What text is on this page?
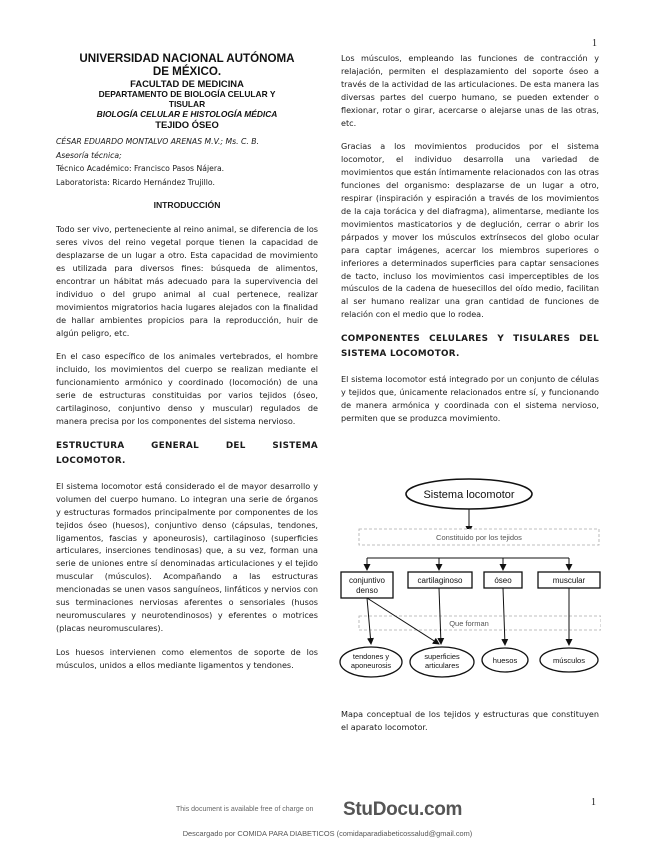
1
UNIVERSIDAD NACIONAL AUTÓNOMA
DE MÉXICO.
FACULTAD DE MEDICINA
DEPARTAMENTO DE BIOLOGÍA CELULAR Y
TISULAR
BIOLOGÍA CELULAR E HISTOLOGÍA MÉDICA
TEJIDO ÓSEO
CÉSAR EDUARDO MONTALVO ARENAS M.V.; Ms. C. B.
Asesoría técnica;
Técnico Académico: Francisco Pasos Nájera.
Laboratorista: Ricardo Hernández Trujillo.
INTRODUCCIÓN

Todo ser vivo, perteneciente al reino animal, se diferencia de los seres vivos del reino vegetal porque tienen la capacidad de desplazarse de un lugar a otro. Esta capacidad de movimiento es utilizada para diversos fines: búsqueda de alimentos, encontrar un hábitat más adecuado para la supervivencia del individuo o del grupo animal al cual pertenece, realizar movimientos migratorios hacia lugares alejados con la finalidad de hallar ambientes propicios para la reproducción, huir de algún peligro, etc.

En el caso específico de los animales vertebrados, el hombre incluido, los movimientos del cuerpo se realizan mediante el funcionamiento armónico y coordinado (locomoción) de una serie de estructuras constituidas por varios tejidos (óseo, cartilaginoso, conjuntivo denso y muscular) regulados de manera precisa por los componentes del sistema nervioso.

ESTRUCTURA GENERAL DEL SISTEMA LOCOMOTOR.

El sistema locomotor está considerado el de mayor desarrollo y volumen del cuerpo humano. Lo integran una serie de órganos y estructuras formados principalmente por componentes de los tejidos óseo (huesos), conjuntivo denso (cápsulas, tendones, ligamentos, fascias y aponeurosis), cartilaginoso (superficies articulares, inserciones tendinosas) que, a su vez, forman una serie de uniones entre sí denominadas articulaciones y el tejido muscular (músculos). Acompañando a las estructuras mencionadas se unen vasos sanguíneos, linfáticos y nervios con sus terminaciones nerviosas aferentes o sensoriales (husos neuromusculares y neurotendinosos) y eferentes o motrices (placas neuromusculares).

Los huesos intervienen como elementos de soporte de los músculos, unidos a ellos mediante ligamentos y tendones.

Los músculos, empleando las funciones de contracción y relajación, permiten el desplazamiento del soporte óseo a través de la actividad de las articulaciones. De esta manera las diversas partes del cuerpo humano, se pueden extender o flexionar, rotar o girar, acercarse o alejarse unas de las otras, etc.

Gracias a los movimientos producidos por el sistema locomotor, el individuo desarrolla una variedad de movimientos que están íntimamente relacionados con las otras funciones del organismo: desplazarse de un lugar a otro, respirar (inspiración y espiración a través de los movimientos de la caja torácica y del diafragma), alimentarse, mediante los movimientos masticatorios y de deglución, cerrar o abrir los párpados y mover los músculos extrínsecos del globo ocular para captar imágenes, acercar los miembros superiores o inferiores a determinados superficies para captar sensaciones de tacto, incluso los movimientos casi imperceptibles de los músculos de la cadena de huesecillos del oído medio, facilitan al ser humano realizar una gran cantidad de funciones de relación con el medio que lo rodea.

COMPONENTES CELULARES Y TISULARES DEL SISTEMA LOCOMOTOR.

El sistema locomotor está integrado por un conjunto de células y tejidos que, únicamente relacionados entre sí, y funcionando de manera armónica y coordinada con el sistema nervioso, permiten que se produzca movimiento.

Sistema locomotor
Constituido por los tejidos
conjuntivo denso
cartilaginoso	óseo	muscular
Que forman
tendones y aponeurosis
superficies articulares
huesos	músculos
Mapa conceptual de los tejidos y estructuras que constituyen el aparato locomotor.
This document is available free of charge on StuDocu.com	1
Descargado por COMIDA PARA DIABETICOS (comidaparadiabeticossalud@gmail.com)
